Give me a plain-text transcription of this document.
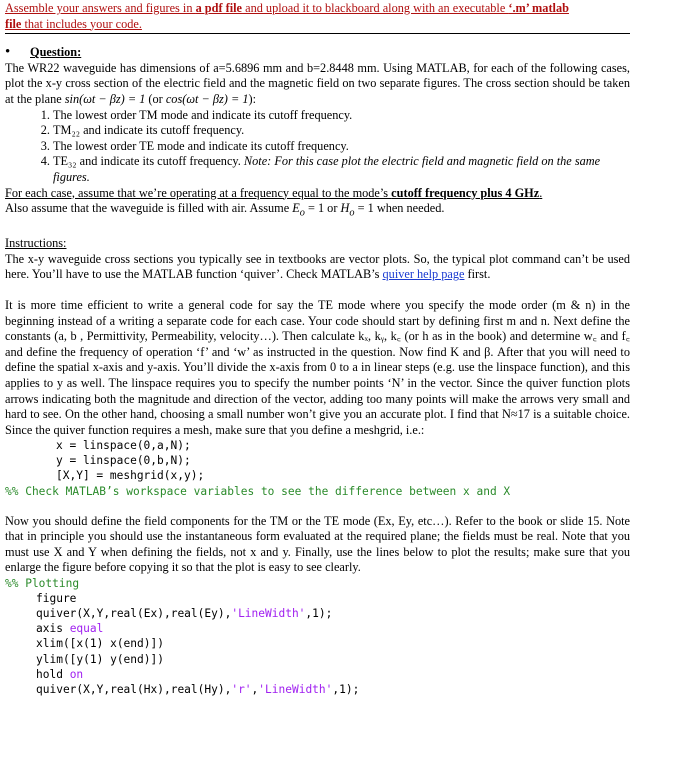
Assemble your answers and figures in a pdf file and upload it to blackboard along with an executable ‘.m’ matlab
file that includes your code.
•	Question:

The WR22 waveguide has dimensions of a=5.6896 mm and b=2.8448 mm. Using MATLAB, for each of the following cases, plot the x-y cross section of the electric field and the magnetic field on two separate figures. The cross section should be taken at the plane sin(ωt − βz) = 1 (or cos(ωt − βz) = 1):

1. The lowest order TM mode and indicate its cutoff frequency.
2. TM₂₂ and indicate its cutoff frequency.
3. The lowest order TE mode and indicate its cutoff frequency.
4. TE₃₂ and indicate its cutoff frequency. Note: For this case plot the electric field and magnetic field on the same figures.

For each case, assume that we’re operating at a frequency equal to the mode’s cutoff frequency plus 4 GHz.

Also assume that the waveguide is filled with air. Assume $E_o = 1$ or $H_o = 1$ when needed.

Instructions:

The x-y waveguide cross sections you typically see in textbooks are vector plots. So, the typical plot command can’t be used here. You’ll have to use the MATLAB function ‘quiver’. Check MATLAB’s quiver help page first.

It is more time efficient to write a general code for say the TE mode where you specify the mode order (m & n) in the beginning instead of a writing a separate code for each case. Your code should start by defining first m and n. Next define the constants (a, b , Permittivity, Permeability, velocity…). Then calculate kₓ, kᵧ, k꜀ (or h as in the book) and determine w꜀ and f꜀ and define the frequency of operation ‘f’ and ‘w’ as instructed in the question. Now find K and β. After that you will need to define the spatial x-axis and y-axis. You’ll divide the x-axis from 0 to a in linear steps (e.g. use the linspace function), and this applies to y as well. The linspace requires you to specify the number points ‘N’ in the vector. Since the quiver function plots arrows indicating both the magnitude and direction of the vector, adding too many points will make the arrows very small and hard to see. On the other hand, choosing a small number won’t give you an accurate plot. I find that N≈17 is a suitable choice. Since the quiver function requires a mesh, make sure that you define a meshgrid, i.e.:

x = linspace(0,a,N);
y = linspace(0,b,N);
[X,Y] = meshgrid(x,y);
%% Check MATLAB’s workspace variables to see the difference between x and X

Now you should define the field components for the TM or the TE mode (Ex, Ey, etc…). Refer to the book or slide 15. Note that in principle you should use the instantaneous form evaluated at the required plane; the fields must be real. Note that you must use X and Y when defining the fields, not x and y. Finally, use the lines below to plot the results; make sure that you enlarge the figure before copying it so that the plot is easy to see clearly.

%% Plotting
figure
quiver(X,Y,real(Ex),real(Ey),'LineWidth',1);
axis equal
xlim([x(1) x(end)])
ylim([y(1) y(end)])
hold on
quiver(X,Y,real(Hx),real(Hy),'r','LineWidth',1);
